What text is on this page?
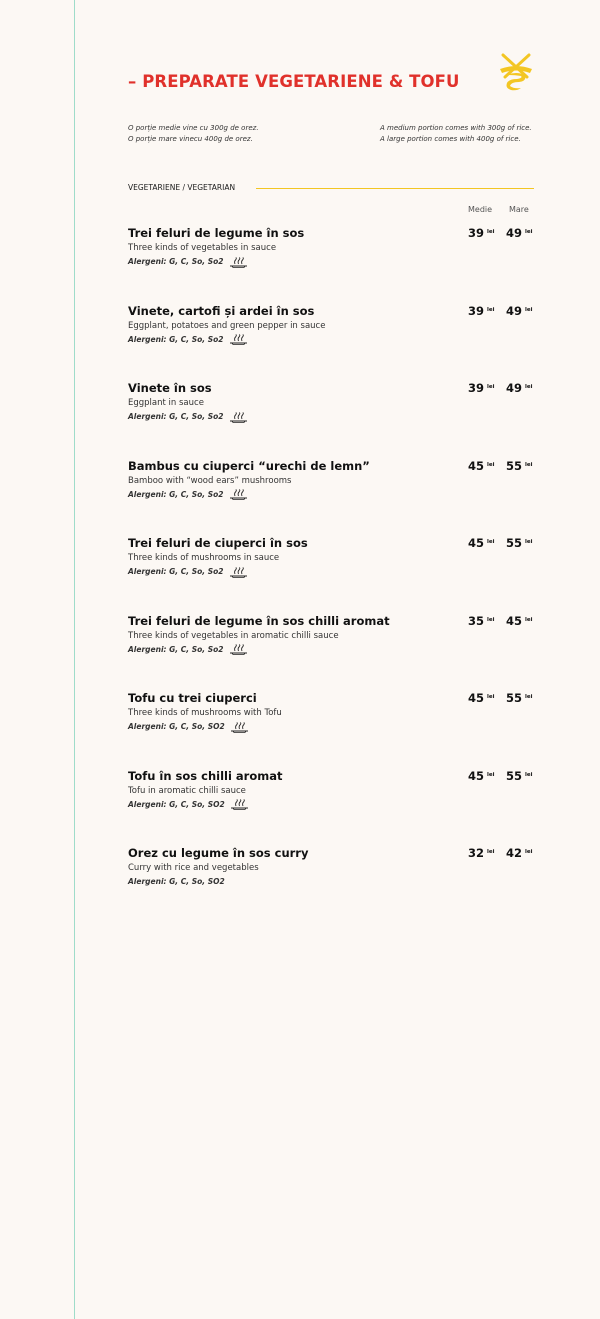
– PREPARATE VEGETARIENE & TOFU
O porție medie vine cu 300g de orez.
O porție mare vinecu 400g de orez.
A medium portion comes with 300g of rice.
A large portion comes with 400g of rice.
VEGETARIENE / VEGETARIAN
Medie Mare
Trei feluri de legume în sos
Three kinds of vegetables in sauce
Alergeni: G, C, So, So2
39 $^{lei}$ 49 $^{lei}$
Vinete, cartofi și ardei în sos
Eggplant, potatoes and green pepper in sauce
Alergeni: G, C, So, So2
39 $^{lei}$ 49 $^{lei}$
Vinete în sos
Eggplant in sauce
Alergeni: G, C, So, So2
39 $^{lei}$ 49 $^{lei}$
Bambus cu ciuperci “urechi de lemn”
Bamboo with “wood ears” mushrooms
Alergeni: G, C, So, So2
45 $^{lei}$ 55 $^{lei}$
Trei feluri de ciuperci în sos
Three kinds of mushrooms in sauce
Alergeni: G, C, So, So2
45 $^{lei}$ 55 $^{lei}$
Trei feluri de legume în sos chilli aromat
Three kinds of vegetables in aromatic chilli sauce
Alergeni: G, C, So, So2
35 $^{lei}$ 45 $^{lei}$
Tofu cu trei ciuperci
Three kinds of mushrooms with Tofu
Alergeni: G, C, So, SO2
45 $^{lei}$ 55 $^{lei}$
Tofu în sos chilli aromat
Tofu in aromatic chilli sauce
Alergeni: G, C, So, SO2
45 $^{lei}$ 55 $^{lei}$
Orez cu legume în sos curry
Curry with rice and vegetables
Alergeni: G, C, So, SO2
32 $^{lei}$ 42 $^{lei}$
